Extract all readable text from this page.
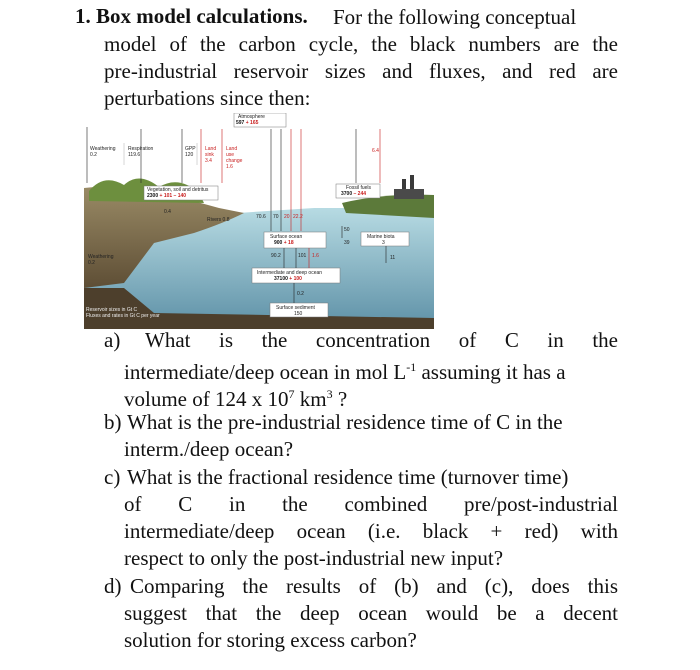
1. Box model calculations. For the following conceptual
model of the carbon cycle, the black numbers are the
pre-industrial reservoir sizes and fluxes, and red are
perturbations since then:
Atmosphere
597 + 165
Weathering
0.2
Respiration
119.6
GPP
120
Land
sink
3.4
Land
use
change
1.6
6.4
Vegetation, soil and detritus
2300 + 101 – 140
Fossil fuels
3700 – 244
0.4
Rivers 0.8	70.6 70 20 22.2
Surface ocean
900 + 18
50
39
Marine biota
3
11
Weathering
0.2
90.2	101 1.6
Intermediate and deep ocean
37100 + 100
0.2
Surface sediment
150
Reservoir sizes in Gt C
Fluxes and rates in Gt C per year
a) What is the concentration of C in the
intermediate/deep ocean in mol $L^{-1}$ assuming it has a
volume of 124 x $10^7$ $km^3$ ?
b) What is the pre-industrial residence time of C in the
interm./deep ocean?
c) What is the fractional residence time (turnover time)
of C in the combined pre/post-industrial
intermediate/deep ocean (i.e. black + red) with
respect to only the post-industrial new input?
d) Comparing the results of (b) and (c), does this
suggest that the deep ocean would be a decent
solution for storing excess carbon?
